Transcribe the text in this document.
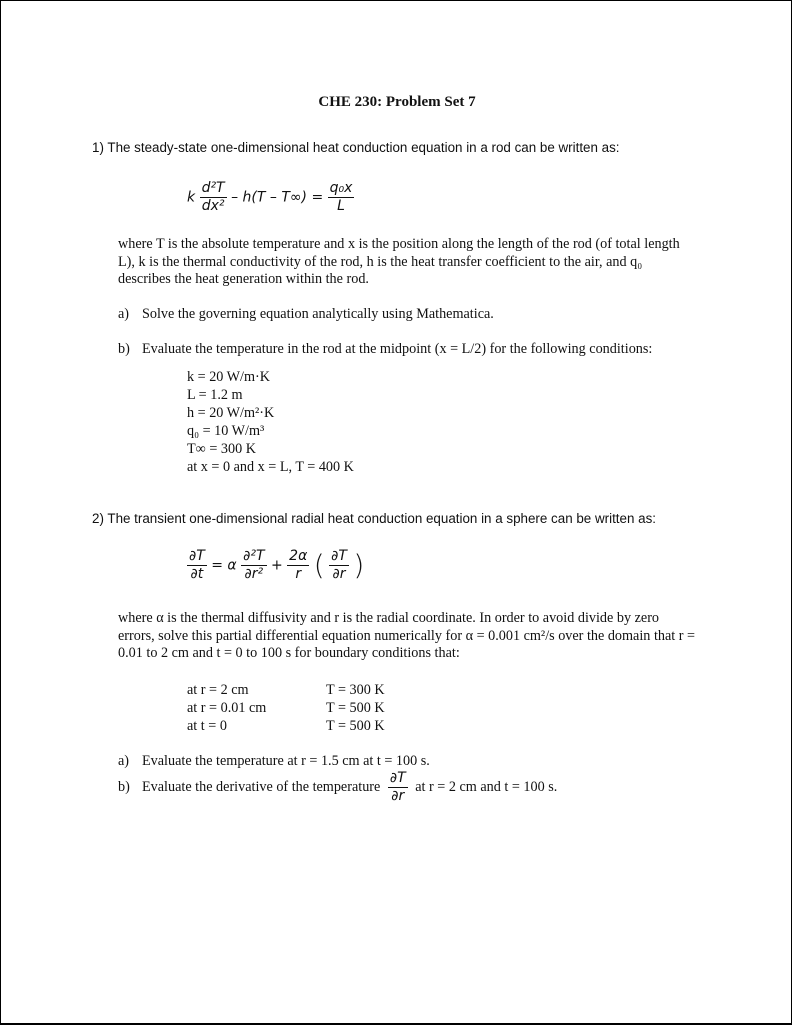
CHE 230: Problem Set 7
1) The steady-state one-dimensional heat conduction equation in a rod can be written as:
k $\frac{\text{d²T}}{\text{dx²}} - h(T - T\infty) = \frac{\text{q₀x}}{L}$
where T is the absolute temperature and x is the position along the length of the rod (of total length L), k is the thermal conductivity of the rod, h is the heat transfer coefficient to the air, and q₀ describes the heat generation within the rod.
a) Solve the governing equation analytically using Mathematica.
b) Evaluate the temperature in the rod at the midpoint (x = L/2) for the following conditions:
k = 20 W/m·K
L = 1.2 m
h = 20 W/m²·K
q₀ = 10 W/m³
T∞ = 300 K
at x = 0 and x = L, T = 400 K
2) The transient one-dimensional radial heat conduction equation in a sphere can be written as:
$\frac{\partial T}{\partial t} = \alpha \frac{\text{∂²T}}{\text{∂r²}} + \frac{2\alpha}{r}$ ( $\frac{\partial T}{\partial r}$ )
where α is the thermal diffusivity and r is the radial coordinate. In order to avoid divide by zero errors, solve this partial differential equation numerically for α = 0.001 cm²/s over the domain that r = 0.01 to 2 cm and t = 0 to 100 s for boundary conditions that:
at r = 2 cm
at r = 0.01 cm
at t = 0
T = 300 K
T = 500 K
T = 500 K
a) Evaluate the temperature at r = 1.5 cm at t = 100 s.
b) Evaluate the derivative of the temperature $\frac{\partial T}{\partial r}$ at r = 2 cm and t = 100 s.
